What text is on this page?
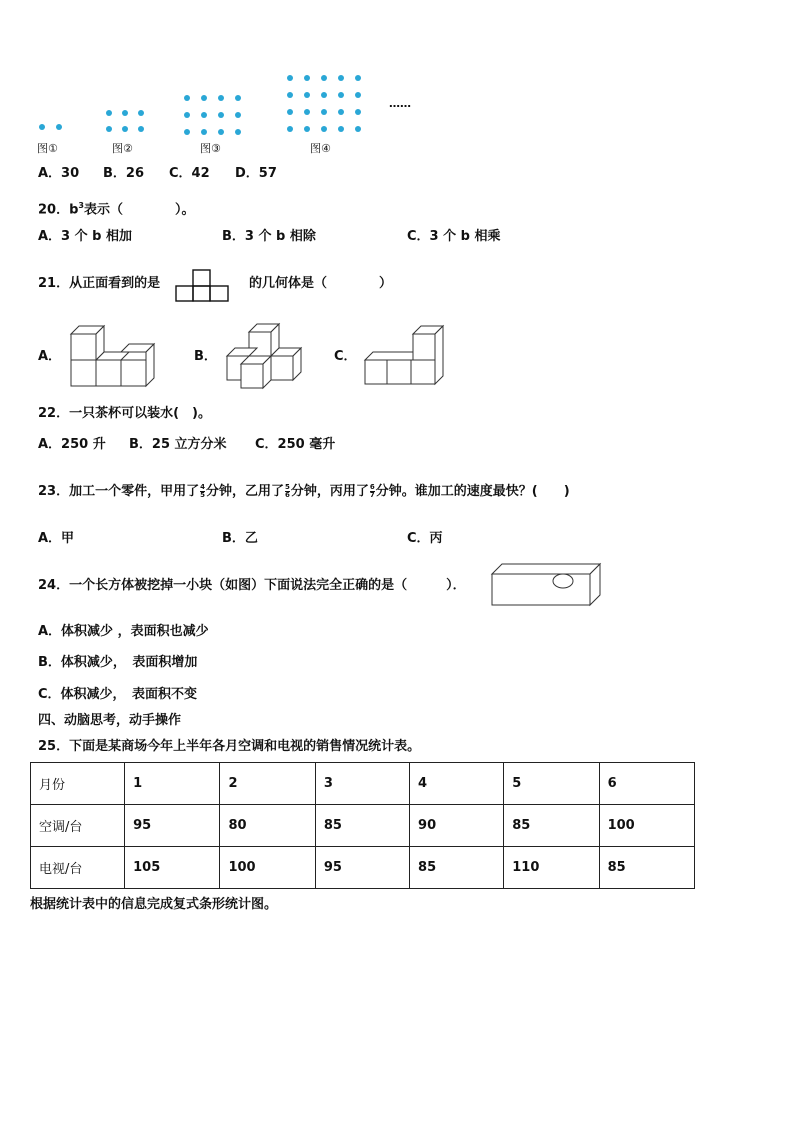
图①	图②	图③	图④
……
A．30 B．26 C．42 D．57
20．$b^3$表示（　　　　）。
A．3 个 b 相加	B．3 个 b 相除	C．3 个 b 相乘
21．从正面看到的是	的几何体是（　　　　）
A．	B．	C．
22．一只茶杯可以装水(　)。
A．250 升 B．25 立方分米 C．250 毫升
23．加工一个零件，甲用了 $\frac{4}{5}$ 分钟，乙用了 $\frac{5}{6}$ 分钟，丙用了 $\frac{6}{7}$ 分钟。谁加工的速度最快？(　　)
A．甲	B．乙	C．丙
24．一个长方体被挖掉一小块（如图）下面说法完全正确的是（　　　）．
A．体积减少 ，表面积也减少
B．体积减少，　表面积增加
C．体积减少，　表面积不变
四、动脑思考，动手操作
25．下面是某商场今年上半年各月空调和电视的销售情况统计表。
月份	1	2	3	4	5	6
空调/台	95	80	85	90	85	100
电视/台	105	100	95	85	110	85
根据统计表中的信息完成复式条形统计图。
